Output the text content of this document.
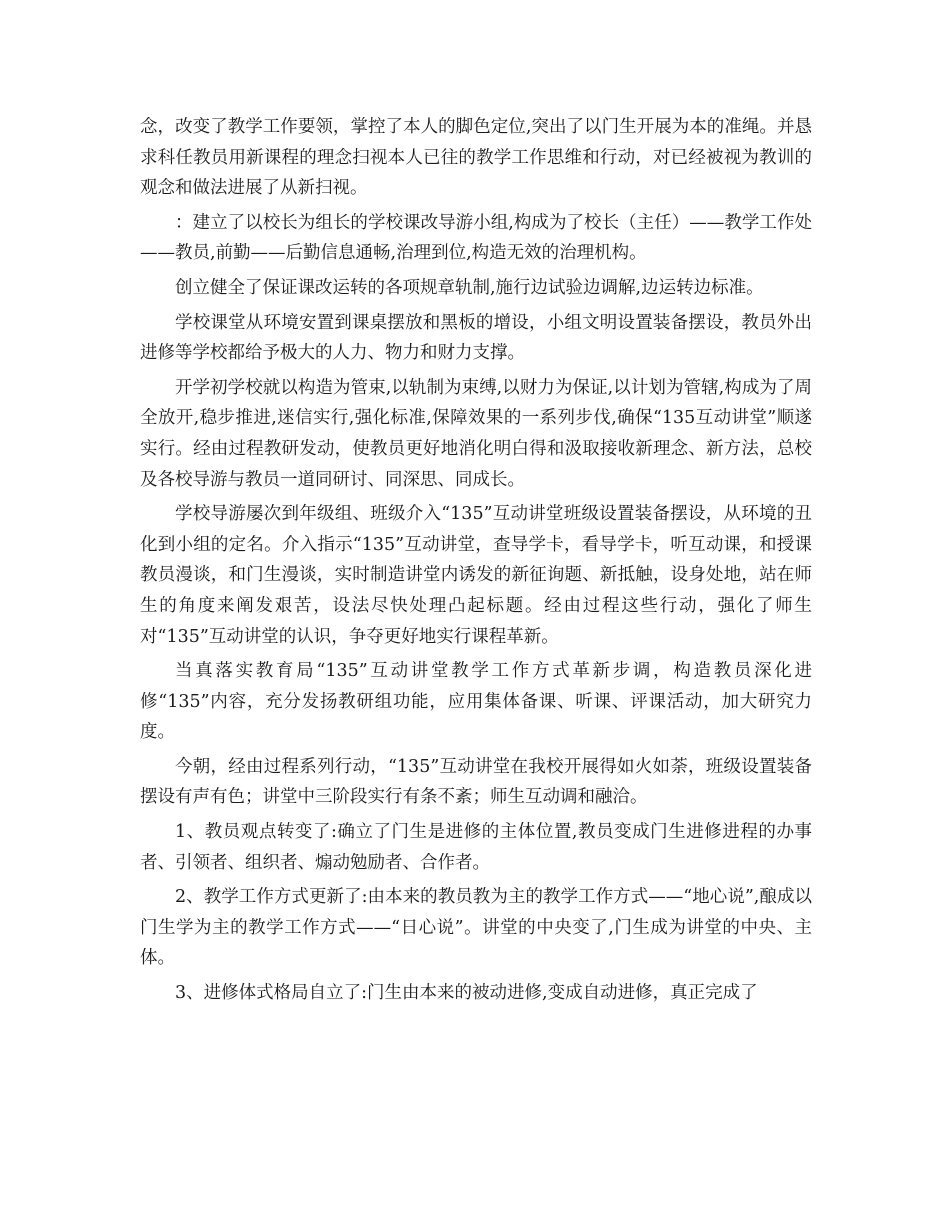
念，改变了教学工作要领，掌控了本人的脚色定位,突出了以门生开展为本的准绳。并恳求科任教员用新课程的理念扫视本人已往的教学工作思维和行动，对已经被视为教训的观念和做法进展了从新扫视。

：建立了以校长为组长的学校课改导游小组,构成为了校长（主任）——教学工作处——教员,前勤——后勤信息通畅,治理到位,构造无效的治理机构。

创立健全了保证课改运转的各项规章轨制,施行边试验边调解,边运转边标准。

学校课堂从环境安置到课桌摆放和黑板的增设，小组文明设置装备摆设，教员外出进修等学校都给予极大的人力、物力和财力支撑。

开学初学校就以构造为管束,以轨制为束缚,以财力为保证,以计划为管辖,构成为了周全放开,稳步推进,迷信实行,强化标准,保障效果的一系列步伐,确保“135互动讲堂”顺遂实行。经由过程教研发动，使教员更好地消化明白得和汲取接收新理念、新方法，总校及各校导游与教员一道同研讨、同深思、同成长。

学校导游屡次到年级组、班级介入“135”互动讲堂班级设置装备摆设，从环境的丑化到小组的定名。介入指示“135”互动讲堂，查导学卡，看导学卡，听互动课，和授课教员漫谈，和门生漫谈，实时制造讲堂内诱发的新征询题、新抵触，设身处地，站在师生的角度来阐发艰苦，设法尽快处理凸起标题。经由过程这些行动，强化了师生对“135”互动讲堂的认识，争夺更好地实行课程革新。

当真落实教育局“135”互动讲堂教学工作方式革新步调，构造教员深化进修“135”内容，充分发扬教研组功能，应用集体备课、听课、评课活动，加大研究力度。

今朝，经由过程系列行动，“135”互动讲堂在我校开展得如火如荼，班级设置装备摆设有声有色；讲堂中三阶段实行有条不紊；师生互动调和融洽。

1、教员观点转变了:确立了门生是进修的主体位置,教员变成门生进修进程的办事者、引领者、组织者、煽动勉励者、合作者。

2、教学工作方式更新了:由本来的教员教为主的教学工作方式——“地心说”,酿成以门生学为主的教学工作方式——“日心说”。讲堂的中央变了,门生成为讲堂的中央、主体。

3、进修体式格局自立了:门生由本来的被动进修,变成自动进修，真正完成了
